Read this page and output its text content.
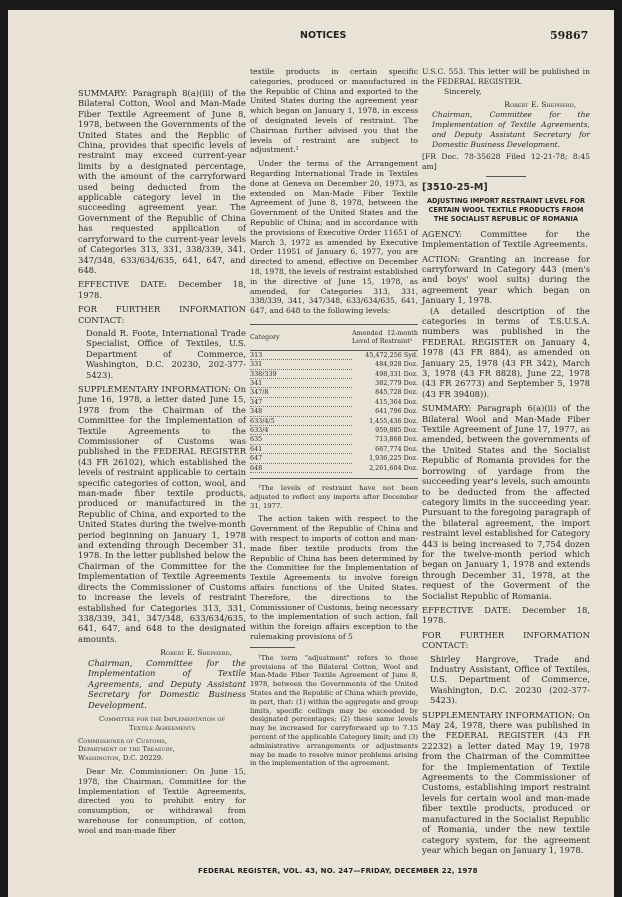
NOTICES	59867

SUMMARY: Paragraph 8(a)(iii) of the Bilateral Cotton, Wool and Man-Made Fiber Textile Agreement of June 8, 1978, between the Governments of the United States and the Repblic of China, provides that specific levels of restraint may exceed current-year limits by a designated percentage, with the amount of the carryforward used being deducted from the applicable category level in the succeeding agreement year. The Government of the Republic of China has requested application of carryforward to the current-year levels of Categories 313, 331, 338/339, 341, 347/348, 633/634/635, 641, 647, and 648.

EFFECTIVE DATE: December 18, 1978.

FOR FURTHER INFORMATION CONTACT:

Donald R. Foote, International Trade Specialist, Office of Textiles, U.S. Department of Commerce, Washington, D.C. 20230, 202-377-5423).

SUPPLEMENTARY INFORMATION: On June 16, 1978, a letter dated June 15, 1978 from the Chairman of the Committee for the Implementation of Textile Agreements to the Commissioner of Customs was published in the FEDERAL REGISTER (43 FR 26102), which established the levels of restraint applicable to certain specific categories of cotton, wool, and man-made fiber textile products, produced or manufactured in the Republic of China, and exported to the United States during the twelve-month period beginning on January 1, 1978 and extending through December 31, 1978. In the letter published below the Chairman of the Committee for the Implementation of Textile Agreements directs the Commissioner of Customs to increase the levels of restraint established for Categories 313, 331, 338/339, 341, 347/348, 633/634/635, 641, 647, and 648 to the designated amounts.

Robert E. Shepherd,
Chairman, Committee for the Implementation of Textile Agreements, and Deputy Assistant Secretary for Domestic Business Development.

Committee for the Implementation of Textile Agreements

Commissioner of Customs,
Department of the Treasury,

Washington, D.C. 20229.

Dear Mr. Commissioner: On June 15, 1978, the Chairman, Committee for the Implementation of Textile Agreements, directed you to prohibit entry for consumption, or withdrawal from warehouse for consumption, of cotton, wool and man-made fiber

textile products in certain specific categories, produced or manufactured in the Republic of China and exported to the United States during the agreement year which began on January 1, 1978, in excess of designated levels of restraint. The Chairman further advised you that the levels of restraint are subject to adjustment.¹

Under the terms of the Arrangement Regarding International Trade in Textiles done at Geneva on December 20, 1973, as extended on Man-Made Fiber Textile Agreement of June 8, 1978, between the Government of the United States and the Republic of China; and in accordance with the provisions of Executive Order 11651 of March 3, 1972 as amended by Executive Order 11951 of January 6, 1977, you are directed to amend, effective on December 18, 1978, the levels of restraint established in the directive of June 15, 1978, as amended, for Categories 313, 331, 338/339, 341, 347/348, 633/634/635, 641, 647, and 648 to the following levels:

Category	Amended 12-month Level of Restraint¹
313	45,472,256 Syd.
331	484,928 Doz.
338/339	498,331 Doz.
341	382,779 Doz.
347/8	845,728 Doz.
347	415,364 Doz.
348	641,796 Doz.
633/4/5	1,455,436 Doz.
633/4	959,885 Doz.
635	713,868 Doz.
641	667,774 Doz.
647	1,936,225 Doz.
648	2,261,604 Doz.

¹The levels of restraint have not been adjusted to reflect any imports after December 31, 1977.

The action taken with respect to the Government of the Republic of China and with respect to imports of cotton and man-made fiber textile products from the Republic of China has been determined by the Committee for the Implementation of Textile Agreements to involve foreign affairs functions of the United States. Therefore, the directions to the Commissioner of Customs, being necessary to the implementation of such action, fall within the foreign affairs exception to the rulemaking provisions of 5

¹The term "adjustment" refers to those provisions of the Bilateral Cotton, Wool and Man-Made Fiber Textile Agreement of June 8, 1978, between the Governments of the United States and the Republic of China which provide, in part, that: (1) within the aggregate and group limits, specific ceilings may be exceeded by designated percentages; (2) these same levels may be increased for carryforward up to 7.15 percent of the applicable Category limit; and (3) administrative arrangements or adjustments may be made to resolve minor problems arising in the implementation of the agreement.

U.S.C. 553. This letter will be published in the FEDERAL REGISTER.

Sincerely,

Robert E. Shepherd,
Chairman, Committee for the Implementation of Textile Agreements, and Deputy Assistant Secretary for Domestic Business Development.

[FR Doc. 78-35628 Filed 12-21-78; 8:45 am]

[3510-25-M]
ADJUSTING IMPORT RESTRAINT LEVEL FOR CERTAIN WOOL TEXTILE PRODUCTS FROM THE SOCIALIST REPUBLIC OF ROMANIA

AGENCY: Committee for the Implementation of Textile Agreements.

ACTION: Granting an increase for carryforward in Category 443 (men's and boys' wool suits) during the agreement year which began on January 1, 1978.

(A detailed description of the categories in terms of T.S.U.S.A. numbers was published in the FEDERAL REGISTER on January 4, 1978 (43 FR 884), as amended on January 25, 1978 (43 FR 342), March 3, 1978 (43 FR 8828), June 22, 1978 (43 FR 26773) and September 5, 1978 (43 FR 39408)).

SUMMARY: Paragraph 6(a)(ii) of the Bilateral Wool and Man-Made Fiber Textile Agreement of June 17, 1977, as amended, between the governments of the United States and the Socialist Republic of Romania provides for the borrowing of yardage from the succeeding year's levels, such amounts to be deducted from the affected category limits in the succeeding year. Pursuant to the foregoing paragraph of the bilateral agreement, the import restraint level established for Category 443 is being increased to 7,754 dozen for the twelve-month period which began on January 1, 1978 and extends through December 31, 1978, at the request of the Goverment of the Socialist Republic of Romania.

EFFECTIVE DATE: December 18, 1978.

FOR FURTHER INFORMATION CONTACT:

Shirley Hargrove, Trade and Industry Assistant, Office of Textiles, U.S. Department of Commerce, Washington, D.C. 20230 (202-377-5423).

SUPPLEMENTARY INFORMATION: On May 24, 1978, there was published in the FEDERAL REGISTER (43 FR 22232) a letter dated May 19, 1978 from the Chairman of the Committee for the Implementation of Textile Agreements to the Commissioner of Customs, establishing import restraint levels for certain wool and man-made fiber textile products, produced or manufactured in the Socialist Republic of Romania, under the new textile category system, for the agreement year which began on January 1, 1978.

FEDERAL REGISTER, VOL. 43, NO. 247—FRIDAY, DECEMBER 22, 1978
